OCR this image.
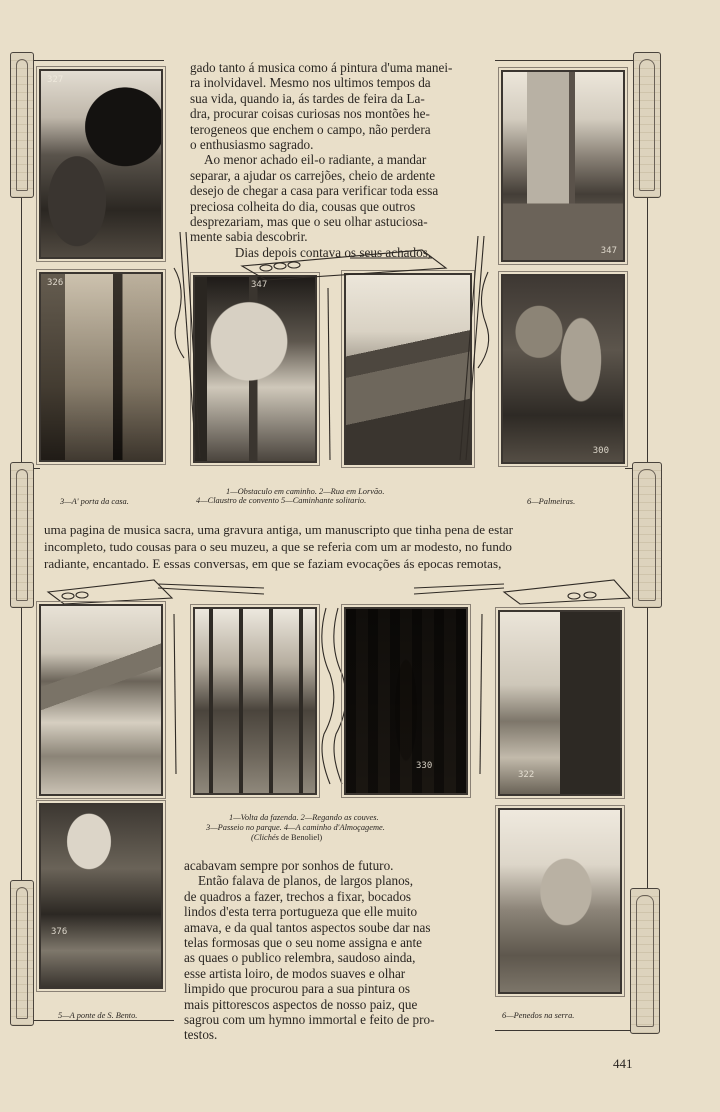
327
347
326	347
300
3—A' porta da casa.
1—Obstaculo em caminho. 2—Rua em Lorvão.
4—Claustro de convento 5—Caminhante solitario.	6—Palmeiras.

gado tanto á musica como á pintura d'uma manei-

ra inolvidavel. Mesmo nos ultimos tempos da

sua vida, quando ia, ás tardes de feira da La-

dra, procurar coisas curiosas nos montões he-

terogeneos que enchem o campo, não perdera

o enthusiasmo sagrado.

Ao menor achado eil-o radiante, a mandar

separar, a ajudar os carrejões, cheio de ardente

desejo de chegar a casa para verificar toda essa

preciosa colheita do dia, cousas que outros

desprezariam, mas que o seu olhar astuciosa-

mente sabia descobrir.

Dias depois contava os seus achados,

uma pagina de musica sacra, uma gravura antiga, um manuscripto que tinha pena de estar

incompleto, tudo cousas para o seu muzeu, a que se referia com um ar modesto, no fundo

radiante, encantado. E essas conversas, em que se faziam evocações ás epocas remotas,

330
322
376
1—Volta da fazenda. 2—Regando as couves.
3—Passeio no parque. 4—A caminho d'Almoçageme.
(Clichés de Benoliel)
5—A ponte de S. Bento.	6—Penedos na serra.

acabavam sempre por sonhos de futuro.

Então falava de planos, de largos planos,

de quadros a fazer, trechos a fixar, bocados

lindos d'esta terra portugueza que elle muito

amava, e da qual tantos aspectos soube dar nas

telas formosas que o seu nome assigna e ante

as quaes o publico relembra, saudoso ainda,

esse artista loiro, de modos suaves e olhar

limpido que procurou para a sua pintura os

mais pittorescos aspectos de nosso paiz, que

sagrou com um hymno immortal e feito de pro-

testos.

441
